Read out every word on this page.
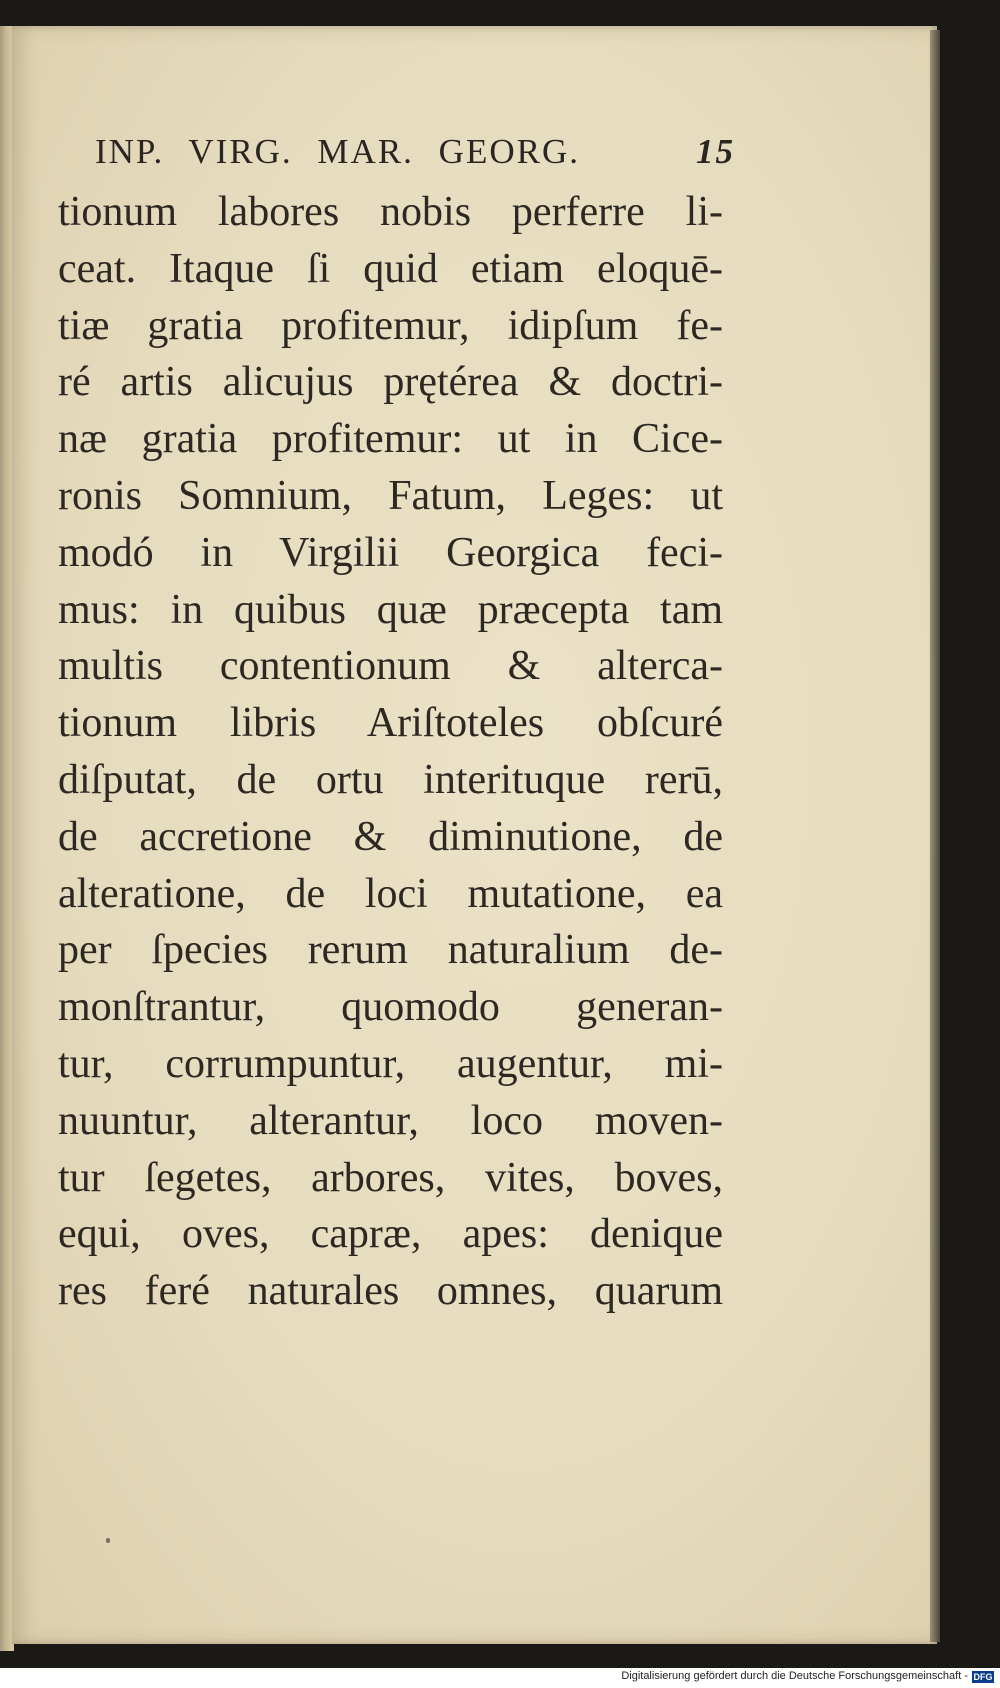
INP. VIRG. MAR. GEORG.	15
tionum labores nobis perferre li-
ceat. Itaque ſi quid etiam eloquē-
tiæ gratia profitemur, idipſum fe-
ré artis alicujus prętérea & doctri-
næ gratia profitemur: ut in Cice-
ronis Somnium, Fatum, Leges: ut
modó in Virgilii Georgica feci-
mus: in quibus quæ præcepta tam
multis contentionum & alterca-
tionum libris Ariſtoteles obſcuré
diſputat, de ortu interituque rerū,
de accretione & diminutione, de
alteratione, de loci mutatione, ea
per ſpecies rerum naturalium de-
monſtrantur, quomodo generan-
tur, corrumpuntur, augentur, mi-
nuuntur, alterantur, loco moven-
tur ſegetes, arbores, vites, boves,
equi, oves, capræ, apes: denique
res feré naturales omnes, quarum
Digitalisierung gefördert durch die Deutsche Forschungsgemeinschaft - DFG
